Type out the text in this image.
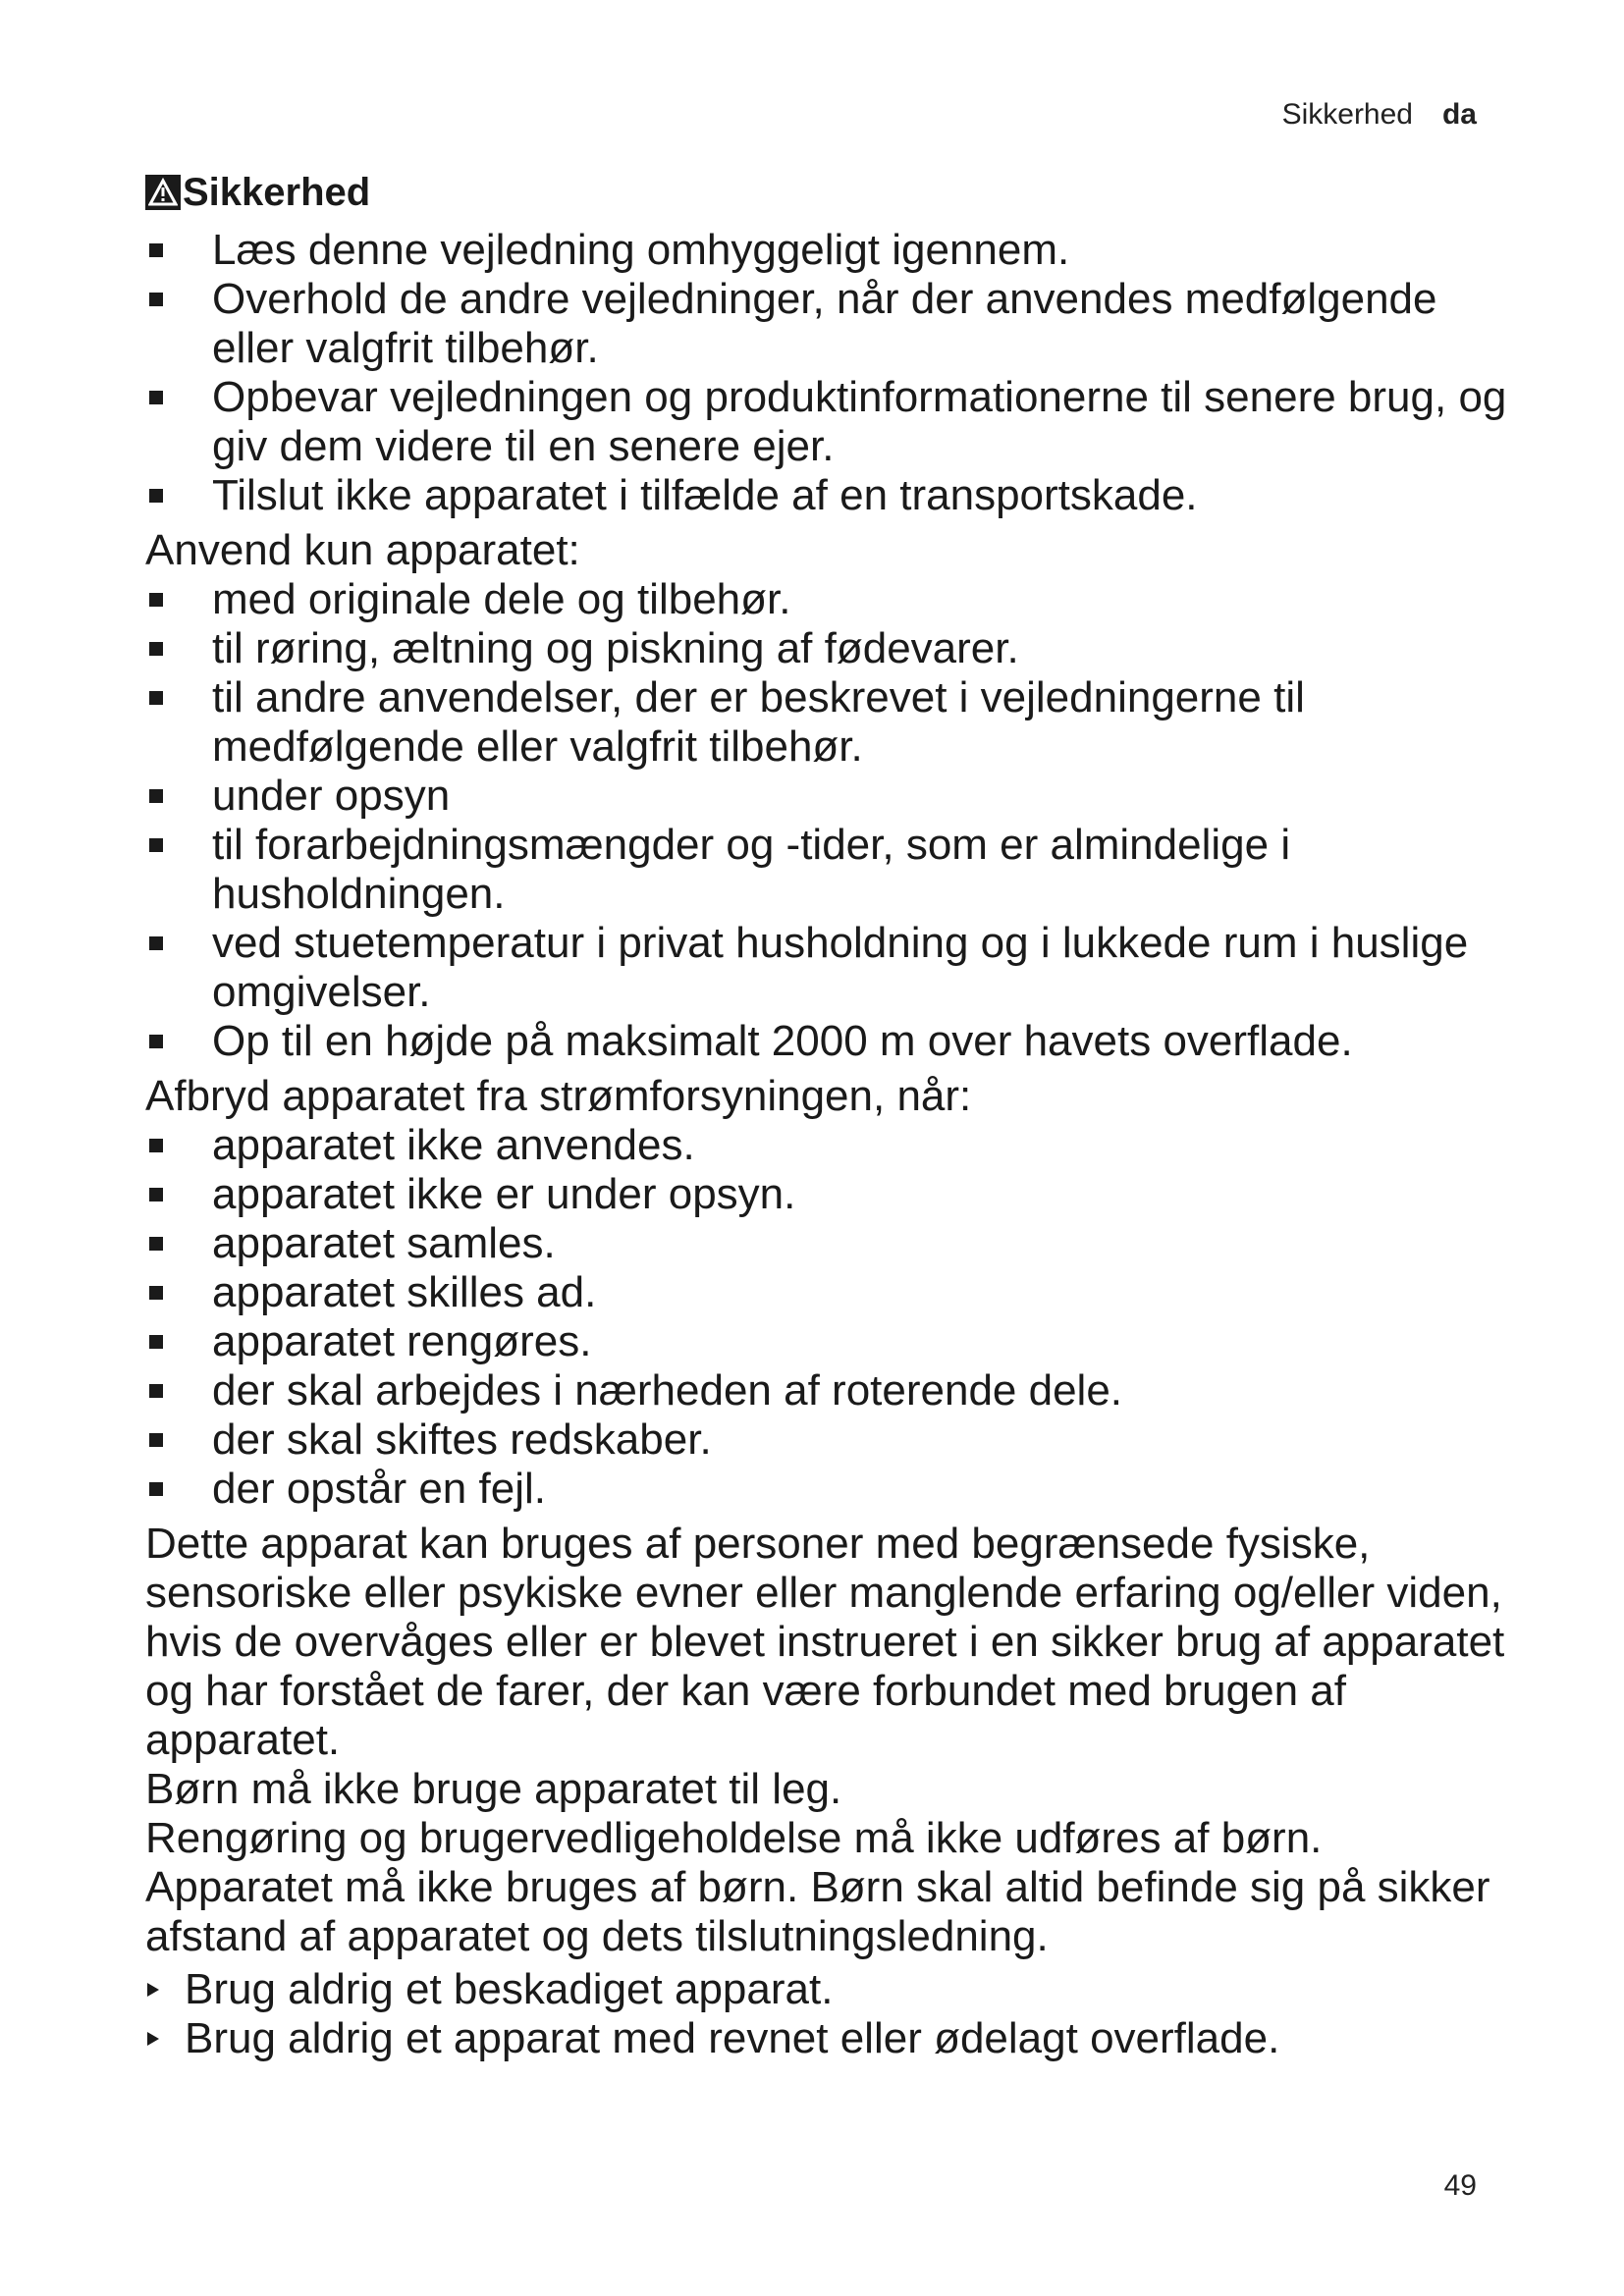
Sikkerhed da
Sikkerhed
Læs denne vejledning omhyggeligt igennem.
Overhold de andre vejledninger, når der anvendes medfølgende eller valgfrit tilbehør.
Opbevar vejledningen og produktinformationerne til senere brug, og giv dem videre til en senere ejer.
Tilslut ikke apparatet i tilfælde af en transportskade.

Anvend kun apparatet:

med originale dele og tilbehør.
til røring, æltning og piskning af fødevarer.
til andre anvendelser, der er beskrevet i vejledningerne til medfølgende eller valgfrit tilbehør.
under opsyn
til forarbejdningsmængder og -tider, som er almindelige i husholdningen.
ved stuetemperatur i privat husholdning og i lukkede rum i huslige omgivelser.
Op til en højde på maksimalt 2000 m over havets overflade.

Afbryd apparatet fra strømforsyningen, når:

apparatet ikke anvendes.
apparatet ikke er under opsyn.
apparatet samles.
apparatet skilles ad.
apparatet rengøres.
der skal arbejdes i nærheden af roterende dele.
der skal skiftes redskaber.
der opstår en fejl.

Dette apparat kan bruges af personer med begrænsede fysiske, sensoriske eller psykiske evner eller manglende erfaring og/eller viden, hvis de overvåges eller er blevet instrueret i en sikker brug af apparatet og har forstået de farer, der kan være forbundet med brugen af apparatet.

Børn må ikke bruge apparatet til leg.

Rengøring og brugervedligeholdelse må ikke udføres af børn.

Apparatet må ikke bruges af børn. Børn skal altid befinde sig på sikker afstand af apparatet og dets tilslutningsledning.

Brug aldrig et beskadiget apparat.
Brug aldrig et apparat med revnet eller ødelagt overflade.
49
